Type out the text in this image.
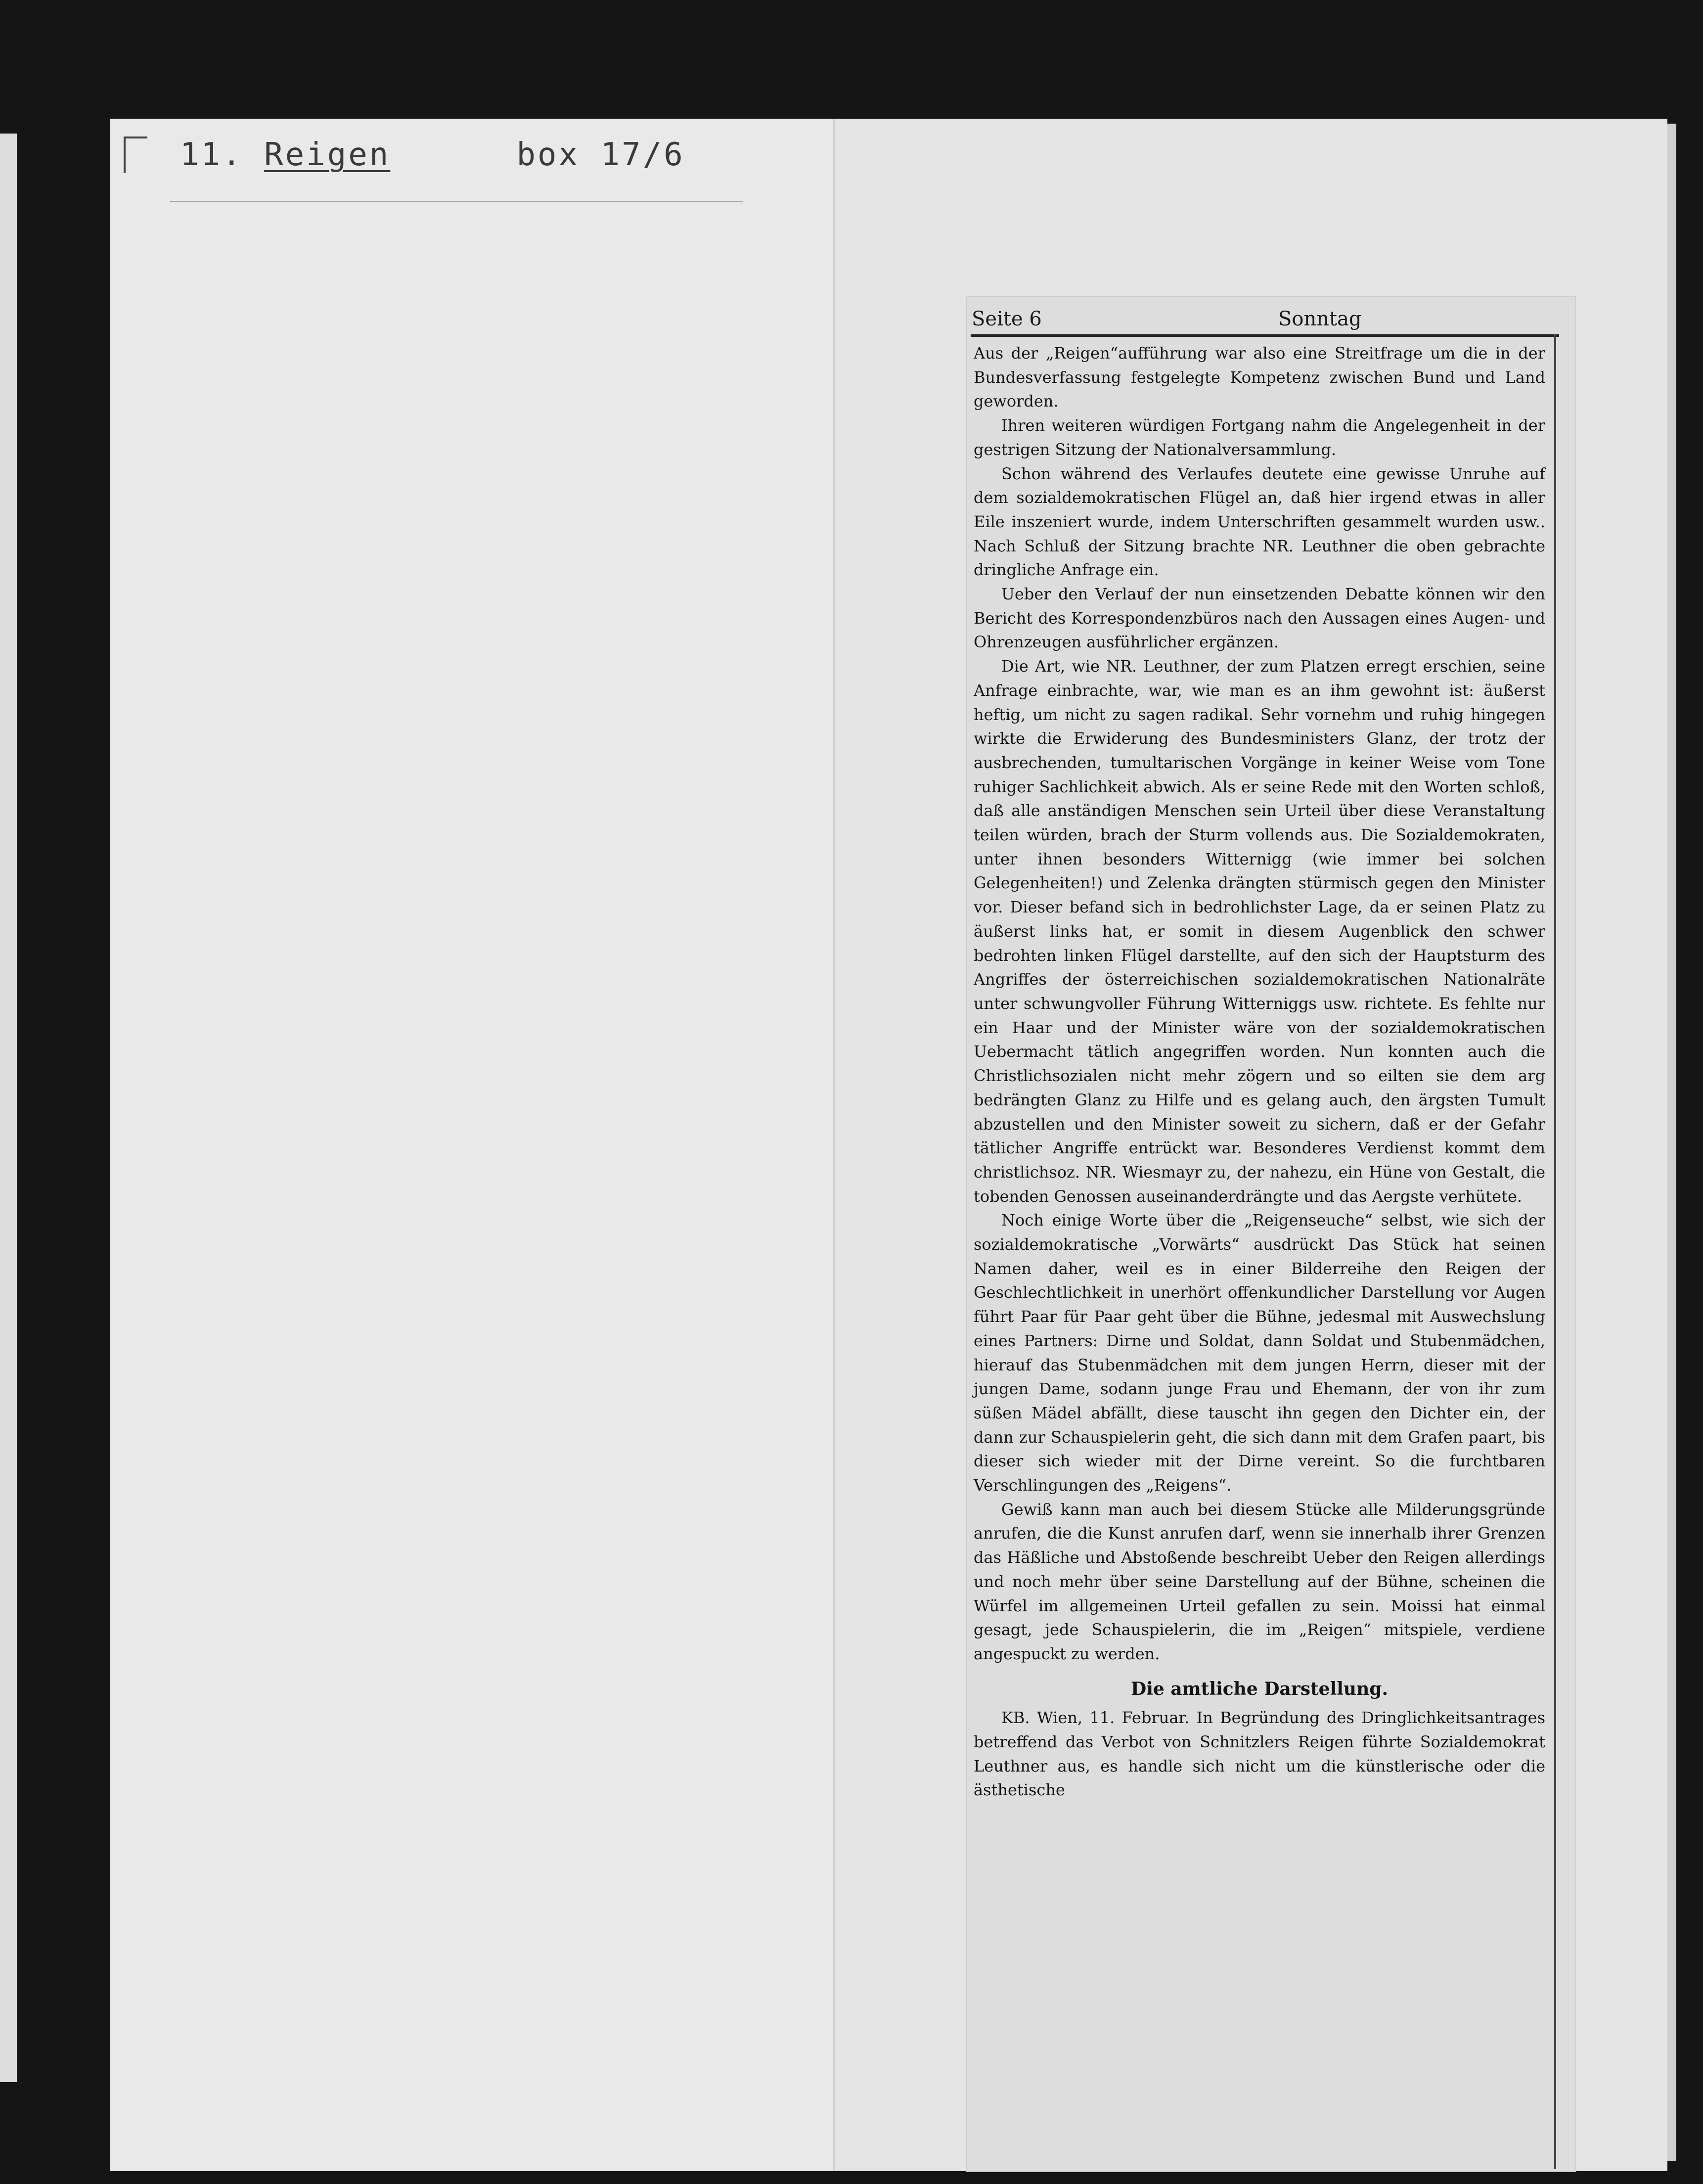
11. Reigen	box 17/6
Seite 6	Sonntag

Aus der „Reigen“aufführung war also eine Streitfrage um die in der Bundesverfassung festgelegte Kompetenz zwischen Bund und Land geworden.

Ihren weiteren würdigen Fortgang nahm die Angelegenheit in der gestrigen Sitzung der Nationalversammlung.

Schon während des Verlaufes deutete eine gewisse Unruhe auf dem sozialdemokratischen Flügel an, daß hier irgend etwas in aller Eile inszeniert wurde, indem Unterschriften gesammelt wurden usw.. Nach Schluß der Sitzung brachte NR. Leuthner die oben gebrachte dringliche Anfrage ein.

Ueber den Verlauf der nun einsetzenden Debatte können wir den Bericht des Korrespondenzbüros nach den Aussagen eines Augen- und Ohrenzeugen ausführlicher ergänzen.

Die Art, wie NR. Leuthner, der zum Platzen erregt erschien, seine Anfrage einbrachte, war, wie man es an ihm gewohnt ist: äußerst heftig, um nicht zu sagen radikal. Sehr vornehm und ruhig hingegen wirkte die Erwiderung des Bundesministers Glanz, der trotz der ausbrechenden, tumultarischen Vorgänge in keiner Weise vom Tone ruhiger Sachlichkeit abwich. Als er seine Rede mit den Worten schloß, daß alle anständigen Menschen sein Urteil über diese Veranstaltung teilen würden, brach der Sturm vollends aus. Die Sozialdemokraten, unter ihnen besonders Witternigg (wie immer bei solchen Gelegenheiten!) und Zelenka drängten stürmisch gegen den Minister vor. Dieser befand sich in bedrohlichster Lage, da er seinen Platz zu äußerst links hat, er somit in diesem Augenblick den schwer bedrohten linken Flügel darstellte, auf den sich der Hauptsturm des Angriffes der österreichischen sozialdemokratischen Nationalräte unter schwungvoller Führung Witterniggs usw. richtete. Es fehlte nur ein Haar und der Minister wäre von der sozialdemokratischen Uebermacht tätlich angegriffen worden. Nun konnten auch die Christlichsozialen nicht mehr zögern und so eilten sie dem arg bedrängten Glanz zu Hilfe und es gelang auch, den ärgsten Tumult abzustellen und den Minister soweit zu sichern, daß er der Gefahr tätlicher Angriffe entrückt war. Besonderes Verdienst kommt dem christlichsoz. NR. Wiesmayr zu, der nahezu, ein Hüne von Gestalt, die tobenden Genossen auseinanderdrängte und das Aergste verhütete.

Noch einige Worte über die „Reigenseuche“ selbst, wie sich der sozialdemokratische „Vorwärts“ ausdrückt Das Stück hat seinen Namen daher, weil es in einer Bilderreihe den Reigen der Geschlechtlichkeit in unerhört offenkundlicher Darstellung vor Augen führt Paar für Paar geht über die Bühne, jedesmal mit Auswechslung eines Partners: Dirne und Soldat, dann Soldat und Stubenmädchen, hierauf das Stubenmädchen mit dem jungen Herrn, dieser mit der jungen Dame, sodann junge Frau und Ehemann, der von ihr zum süßen Mädel abfällt, diese tauscht ihn gegen den Dichter ein, der dann zur Schauspielerin geht, die sich dann mit dem Grafen paart, bis dieser sich wieder mit der Dirne vereint. So die furchtbaren Verschlingungen des „Reigens“.

Gewiß kann man auch bei diesem Stücke alle Milderungsgründe anrufen, die die Kunst anrufen darf, wenn sie innerhalb ihrer Grenzen das Häßliche und Abstoßende beschreibt Ueber den Reigen allerdings und noch mehr über seine Darstellung auf der Bühne, scheinen die Würfel im allgemeinen Urteil gefallen zu sein. Moissi hat einmal gesagt, jede Schauspielerin, die im „Reigen“ mitspiele, verdiene angespuckt zu werden.

Die amtliche Darstellung.

KB. Wien, 11. Februar. In Begründung des Dringlichkeitsantrages betreffend das Verbot von Schnitzlers Reigen führte Sozialdemokrat Leuthner aus, es handle sich nicht um die künstlerische oder die ästhetische
